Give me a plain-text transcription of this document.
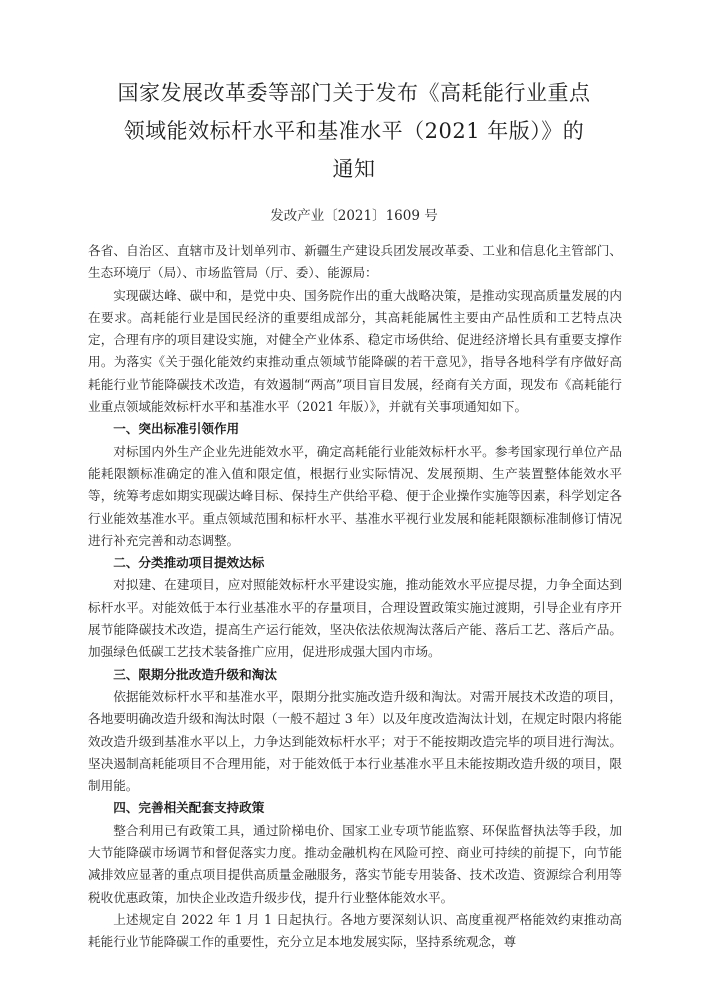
国家发展改革委等部门关于发布《高耗能行业重点
领域能效标杆水平和基准水平（2021 年版）》的
通知
发改产业〔2021〕1609 号

各省、自治区、直辖市及计划单列市、新疆生产建设兵团发展改革委、工业和信息化主管部门、生态环境厅（局）、市场监管局（厅、委）、能源局：

实现碳达峰、碳中和，是党中央、国务院作出的重大战略决策，是推动实现高质量发展的内在要求。高耗能行业是国民经济的重要组成部分，其高耗能属性主要由产品性质和工艺特点决定，合理有序的项目建设实施，对健全产业体系、稳定市场供给、促进经济增长具有重要支撑作用。为落实《关于强化能效约束推动重点领域节能降碳的若干意见》，指导各地科学有序做好高耗能行业节能降碳技术改造，有效遏制“两高”项目盲目发展，经商有关方面，现发布《高耗能行业重点领域能效标杆水平和基准水平（2021 年版）》，并就有关事项通知如下。

一、突出标准引领作用

对标国内外生产企业先进能效水平，确定高耗能行业能效标杆水平。参考国家现行单位产品能耗限额标准确定的准入值和限定值，根据行业实际情况、发展预期、生产装置整体能效水平等，统筹考虑如期实现碳达峰目标、保持生产供给平稳、便于企业操作实施等因素，科学划定各行业能效基准水平。重点领域范围和标杆水平、基准水平视行业发展和能耗限额标准制修订情况进行补充完善和动态调整。

二、分类推动项目提效达标

对拟建、在建项目，应对照能效标杆水平建设实施，推动能效水平应提尽提，力争全面达到标杆水平。对能效低于本行业基准水平的存量项目，合理设置政策实施过渡期，引导企业有序开展节能降碳技术改造，提高生产运行能效，坚决依法依规淘汰落后产能、落后工艺、落后产品。加强绿色低碳工艺技术装备推广应用，促进形成强大国内市场。

三、限期分批改造升级和淘汰

依据能效标杆水平和基准水平，限期分批实施改造升级和淘汰。对需开展技术改造的项目，各地要明确改造升级和淘汰时限（一般不超过 3 年）以及年度改造淘汰计划，在规定时限内将能效改造升级到基准水平以上，力争达到能效标杆水平；对于不能按期改造完毕的项目进行淘汰。坚决遏制高耗能项目不合理用能，对于能效低于本行业基准水平且未能按期改造升级的项目，限制用能。

四、完善相关配套支持政策

整合利用已有政策工具，通过阶梯电价、国家工业专项节能监察、环保监督执法等手段，加大节能降碳市场调节和督促落实力度。推动金融机构在风险可控、商业可持续的前提下，向节能减排效应显著的重点项目提供高质量金融服务，落实节能专用装备、技术改造、资源综合利用等税收优惠政策，加快企业改造升级步伐，提升行业整体能效水平。

上述规定自 2022 年 1 月 1 日起执行。各地方要深刻认识、高度重视严格能效约束推动高耗能行业节能降碳工作的重要性，充分立足本地发展实际，坚持系统观念，尊
